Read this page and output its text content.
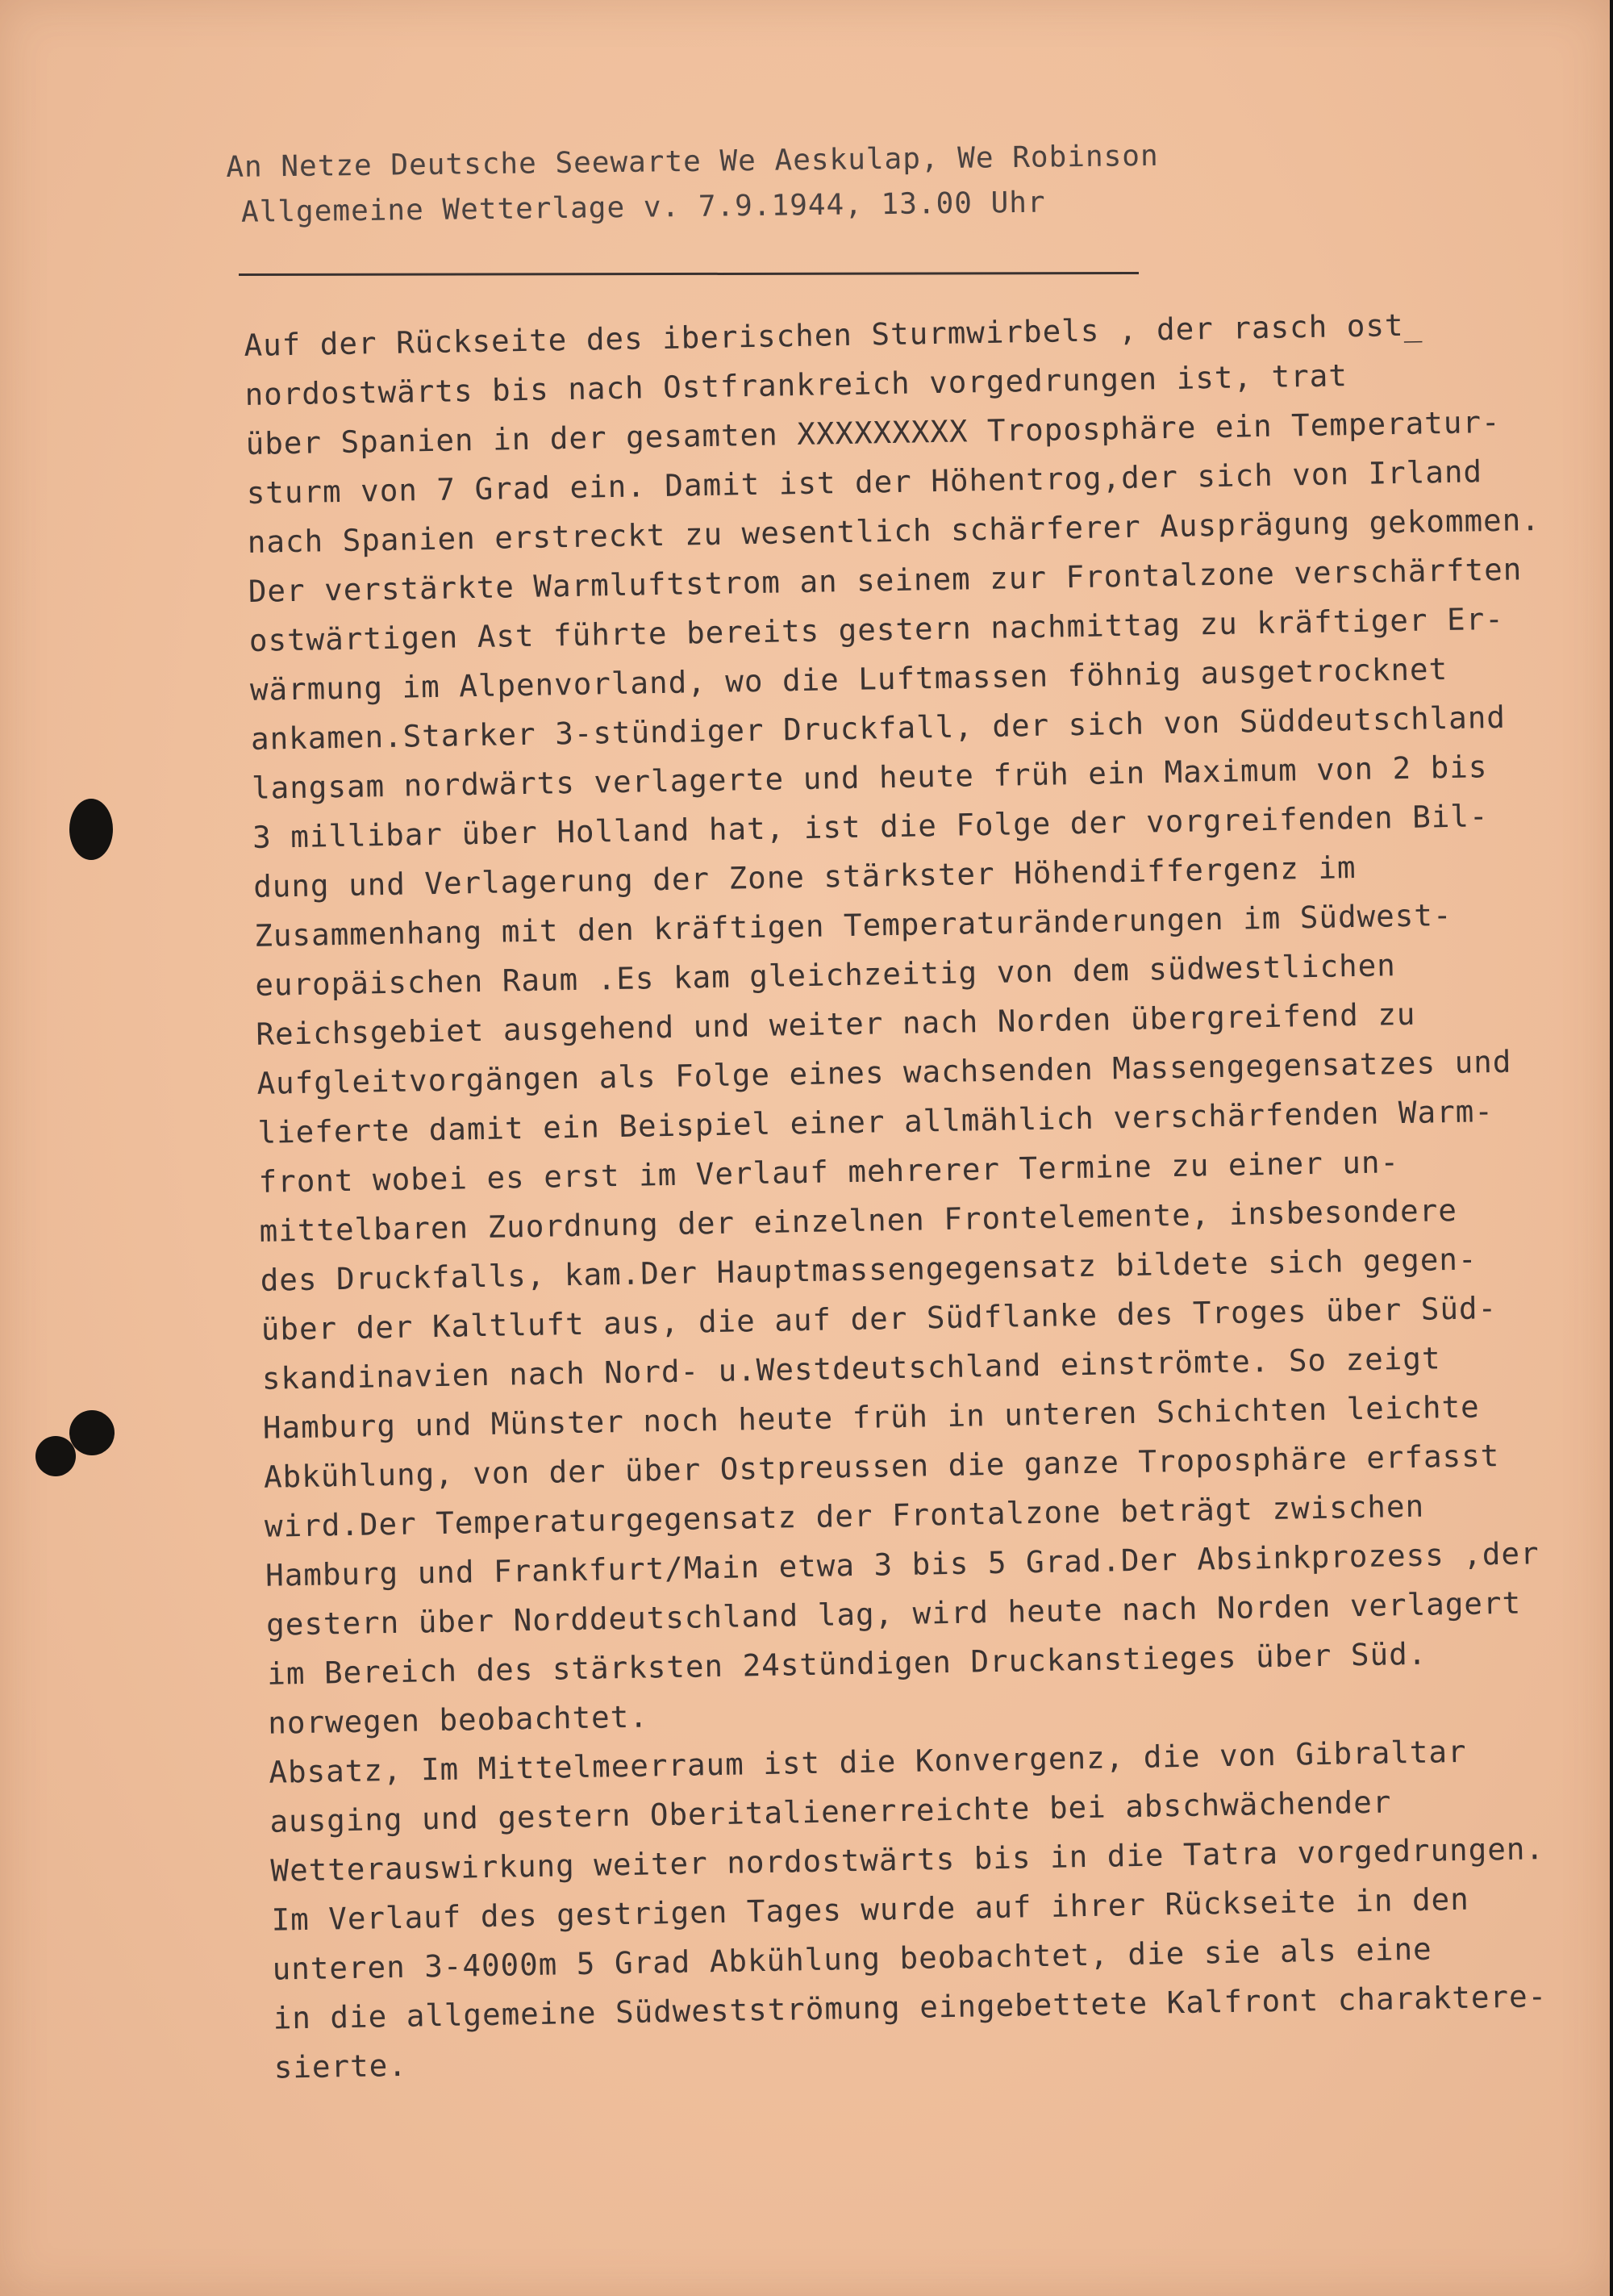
An Netze Deutsche Seewarte We Aeskulap, We Robinson
Allgemeine Wetterlage v. 7.9.1944, 13.00 Uhr
Auf der Rückseite des iberischen Sturmwirbels , der rasch ost_
nordostwärts bis nach Ostfrankreich vorgedrungen ist, trat
über Spanien in der gesamten XXXXXXXXX Troposphäre ein Temperatur-
sturm von 7 Grad ein. Damit ist der Höhentrog,der sich von Irland
nach Spanien erstreckt zu wesentlich schärferer Ausprägung gekommen.
Der verstärkte Warmluftstrom an seinem zur Frontalzone verschärften
ostwärtigen Ast führte bereits gestern nachmittag zu kräftiger Er-
wärmung im Alpenvorland, wo die Luftmassen föhnig ausgetrocknet
ankamen.Starker 3-stündiger Druckfall, der sich von Süddeutschland
langsam nordwärts verlagerte und heute früh ein Maximum von 2 bis
3 millibar über Holland hat, ist die Folge der vorgreifenden Bil-
dung und Verlagerung der Zone stärkster Höhendiffergenz im
Zusammenhang mit den kräftigen Temperaturänderungen im Südwest-
europäischen Raum .Es kam gleichzeitig von dem südwestlichen
Reichsgebiet ausgehend und weiter nach Norden übergreifend zu
Aufgleitvorgängen als Folge eines wachsenden Massengegensatzes und
lieferte damit ein Beispiel einer allmählich verschärfenden Warm-
front wobei es erst im Verlauf mehrerer Termine zu einer un-
mittelbaren Zuordnung der einzelnen Frontelemente, insbesondere
des Druckfalls, kam.Der Hauptmassengegensatz bildete sich gegen-
über der Kaltluft aus, die auf der Südflanke des Troges über Süd-
skandinavien nach Nord- u.Westdeutschland einströmte. So zeigt
Hamburg und Münster noch heute früh in unteren Schichten leichte
Abkühlung, von der über Ostpreussen die ganze Troposphäre erfasst
wird.Der Temperaturgegensatz der Frontalzone beträgt zwischen
Hamburg und Frankfurt/Main etwa 3 bis 5 Grad.Der Absinkprozess ,der
gestern über Norddeutschland lag, wird heute nach Norden verlagert
im Bereich des stärksten 24stündigen Druckanstieges über Süd.
norwegen beobachtet.
Absatz, Im Mittelmeerraum ist die Konvergenz, die von Gibraltar
ausging und gestern Oberitalienerreichte bei abschwächender
Wetterauswirkung weiter nordostwärts bis in die Tatra vorgedrungen.
Im Verlauf des gestrigen Tages wurde auf ihrer Rückseite in den
unteren 3-4000m 5 Grad Abkühlung beobachtet, die sie als eine
in die allgemeine Südwestströmung eingebettete Kalfront charaktere-
sierte.
